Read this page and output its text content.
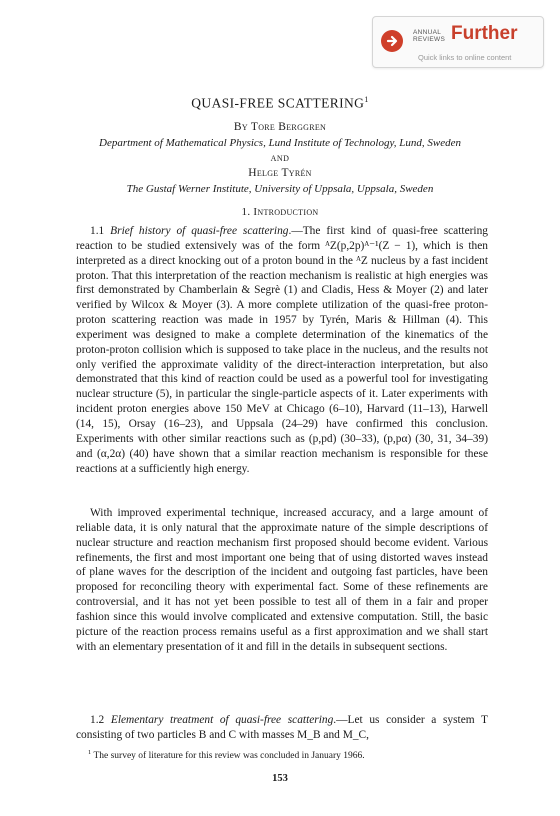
ANNUAL
REVIEWS Further
Quick links to online content
QUASI-FREE SCATTERING$^1$
By Tore Berggren
Department of Mathematical Physics, Lund Institute of Technology, Lund, Sweden
AND
Helge Tyrén
The Gustaf Werner Institute, University of Uppsala, Uppsala, Sweden
1. Introduction

1.1 Brief history of quasi-free scattering.—The first kind of quasi-free scattering reaction to be studied extensively was of the form ᴬZ(p,2p)ᴬ⁻¹(Z − 1), which is then interpreted as a direct knocking out of a proton bound in the ᴬZ nucleus by a fast incident proton. That this interpretation of the reaction mechanism is realistic at high energies was first demonstrated by Chamberlain & Segrè (1) and Cladis, Hess & Moyer (2) and later verified by Wilcox & Moyer (3). A more complete utilization of the quasi-free proton-proton scattering reaction was made in 1957 by Tyrén, Maris & Hillman (4). This experiment was designed to make a complete determination of the kinematics of the proton-proton collision which is supposed to take place in the nucleus, and the results not only verified the approximate validity of the direct-interaction interpretation, but also demonstrated that this kind of reaction could be used as a powerful tool for investigating nuclear structure (5), in particular the single-particle aspects of it. Later experiments with incident proton energies above 150 MeV at Chicago (6–10), Harvard (11–13), Harwell (14, 15), Orsay (16–23), and Uppsala (24–29) have confirmed this conclusion. Experiments with other similar reactions such as (p,pd) (30–33), (p,pα) (30, 31, 34–39) and (α,2α) (40) have shown that a similar reaction mechanism is responsible for these reactions at a sufficiently high energy.

With improved experimental technique, increased accuracy, and a large amount of reliable data, it is only natural that the approximate nature of the simple descriptions of nuclear structure and reaction mechanism first proposed should become evident. Various refinements, the first and most important one being that of using distorted waves instead of plane waves for the description of the incident and outgoing fast particles, have been proposed for reconciling theory with experimental fact. Some of these refinements are controversial, and it has not yet been possible to test all of them in a fair and proper fashion since this would involve complicated and extensive computation. Still, the basic picture of the reaction process remains useful as a first approximation and we shall start with an elementary presentation of it and fill in the details in subsequent sections.

1.2 Elementary treatment of quasi-free scattering.—Let us consider a system T consisting of two particles B and C with masses M_B and M_C,

$^1$ The survey of literature for this review was concluded in January 1966.
153
